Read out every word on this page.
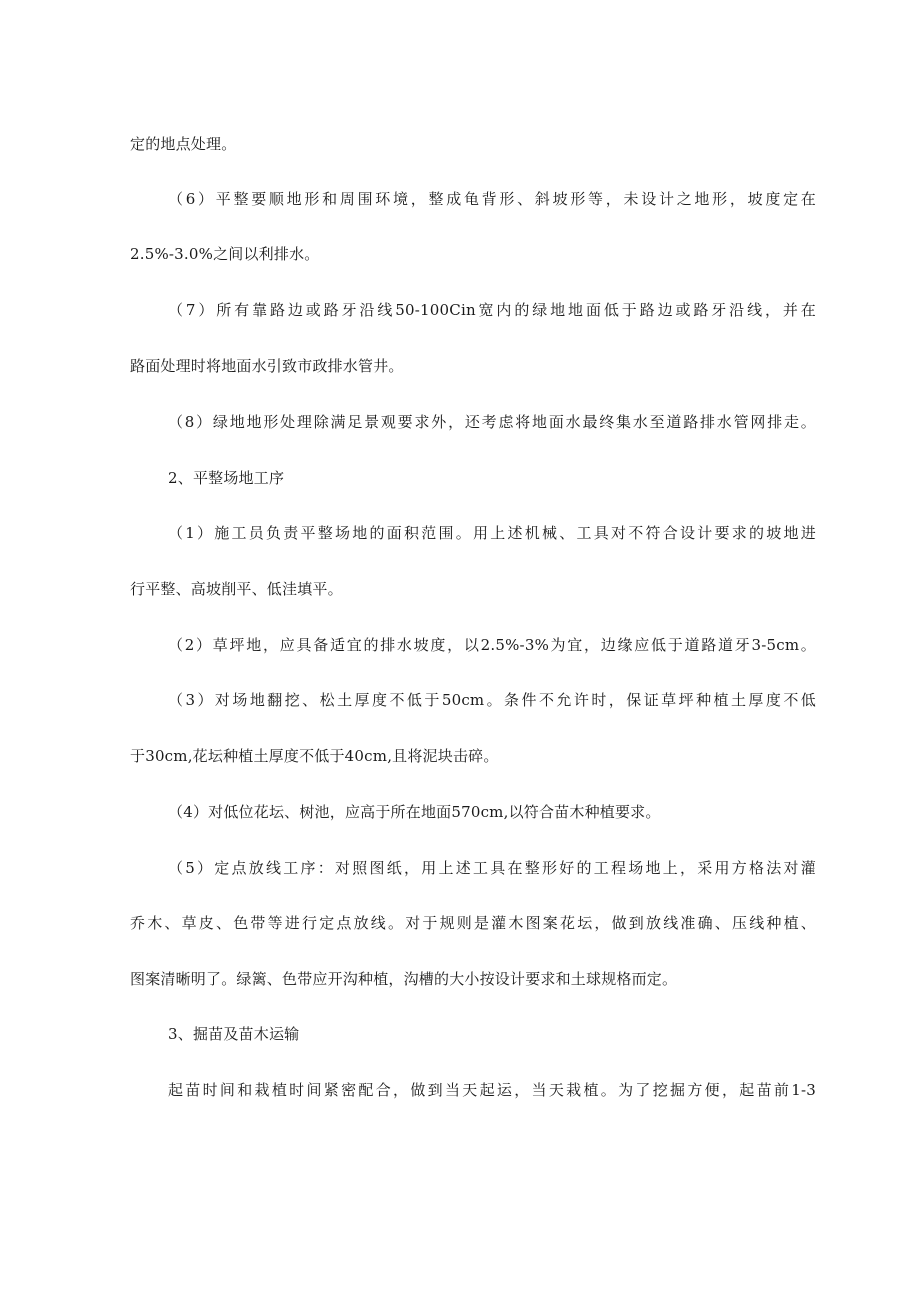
定的地点处理。
（6）平整要顺地形和周围环境，整成龟背形、斜坡形等，未设计之地形，坡度定在
2.5%-3.0%之间以利排水。
（7）所有靠路边或路牙沿线50-100Cin宽内的绿地地面低于路边或路牙沿线，并在
路面处理时将地面水引致市政排水管井。
（8）绿地地形处理除满足景观要求外，还考虑将地面水最终集水至道路排水管网排走。
2、平整场地工序
（1）施工员负责平整场地的面积范围。用上述机械、工具对不符合设计要求的坡地进
行平整、高坡削平、低洼填平。
（2）草坪地，应具备适宜的排水坡度，以2.5%-3%为宜，边缘应低于道路道牙3-5cm。
（3）对场地翻挖、松土厚度不低于50cm。条件不允许时，保证草坪种植土厚度不低
于30cm,花坛种植土厚度不低于40cm,且将泥块击碎。
（4）对低位花坛、树池，应高于所在地面570cm,以符合苗木种植要求。
（5）定点放线工序：对照图纸，用上述工具在整形好的工程场地上，采用方格法对灌
乔木、草皮、色带等进行定点放线。对于规则是灌木图案花坛，做到放线准确、压线种植、
图案清晰明了。绿篱、色带应开沟种植，沟槽的大小按设计要求和土球规格而定。
3、掘苗及苗木运输
起苗时间和栽植时间紧密配合，做到当天起运，当天栽植。为了挖掘方便，起苗前1-3
